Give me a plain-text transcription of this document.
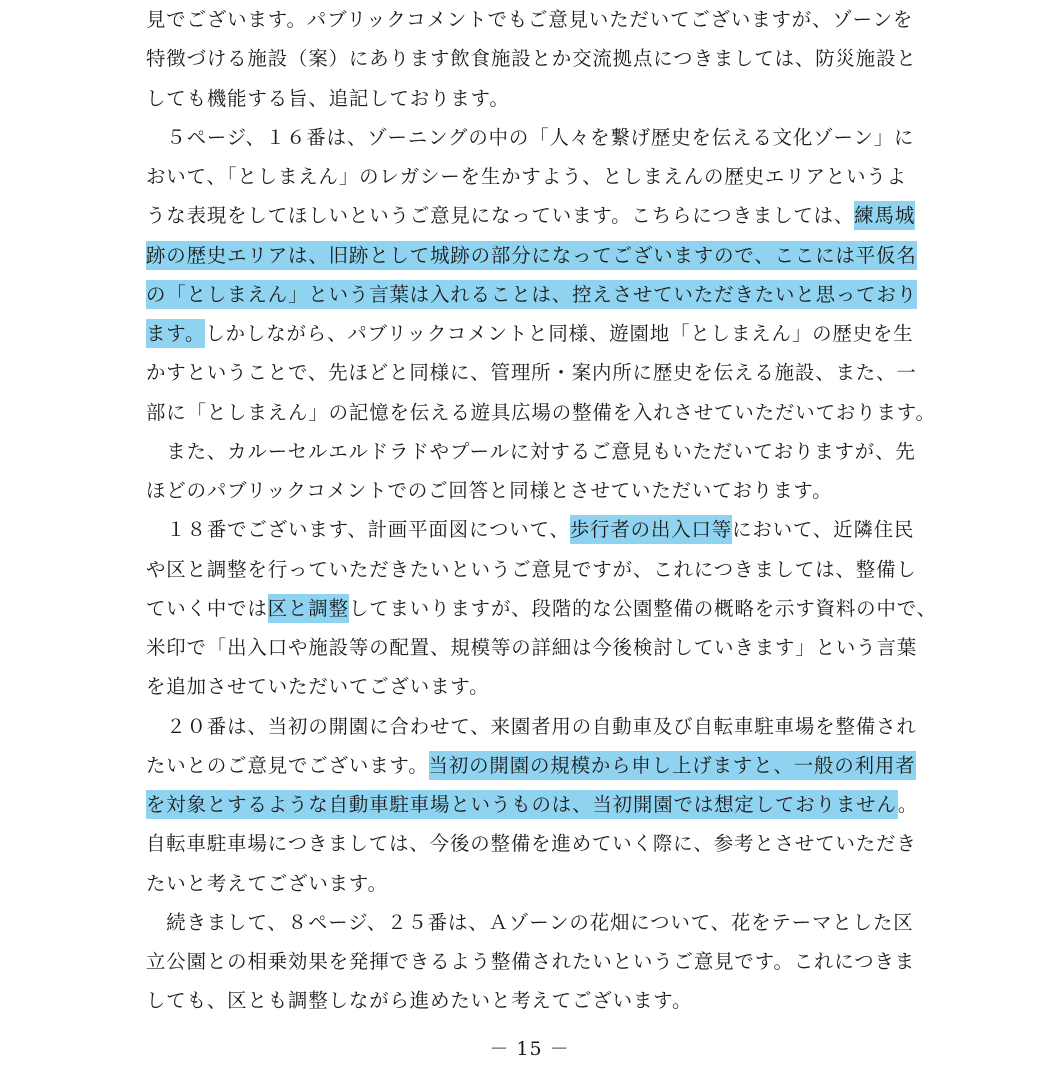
見でございます。パブリックコメントでもご意見いただいてございますが、ゾーンを
特徴づける施設（案）にあります飲食施設とか交流拠点につきましては、防災施設と
しても機能する旨、追記しております。
　５ページ、１６番は、ゾーニングの中の「人々を繋げ歴史を伝える文化ゾーン」に
おいて、「としまえん」のレガシーを生かすよう、としまえんの歴史エリアというよ
うな表現をしてほしいというご意見になっています。こちらにつきましては、練馬城
跡の歴史エリアは、旧跡として城跡の部分になってございますので、ここには平仮名
の「としまえん」という言葉は入れることは、控えさせていただきたいと思っており
ます。しかしながら、パブリックコメントと同様、遊園地「としまえん」の歴史を生
かすということで、先ほどと同様に、管理所・案内所に歴史を伝える施設、また、一
部に「としまえん」の記憶を伝える遊具広場の整備を入れさせていただいております。
　また、カルーセルエルドラドやプールに対するご意見もいただいておりますが、先
ほどのパブリックコメントでのご回答と同様とさせていただいております。
　１８番でございます、計画平面図について、歩行者の出入口等において、近隣住民
や区と調整を行っていただきたいというご意見ですが、これにつきましては、整備し
ていく中では区と調整してまいりますが、段階的な公園整備の概略を示す資料の中で、
米印で「出入口や施設等の配置、規模等の詳細は今後検討していきます」という言葉
を追加させていただいてございます。
　２０番は、当初の開園に合わせて、来園者用の自動車及び自転車駐車場を整備され
たいとのご意見でございます。当初の開園の規模から申し上げますと、一般の利用者
を対象とするような自動車駐車場というものは、当初開園では想定しておりません。
自転車駐車場につきましては、今後の整備を進めていく際に、参考とさせていただき
たいと考えてございます。
　続きまして、８ページ、２５番は、Ａゾーンの花畑について、花をテーマとした区
立公園との相乗効果を発揮できるよう整備されたいというご意見です。これにつきま
しても、区とも調整しながら進めたいと考えてございます。
－ 15 －
